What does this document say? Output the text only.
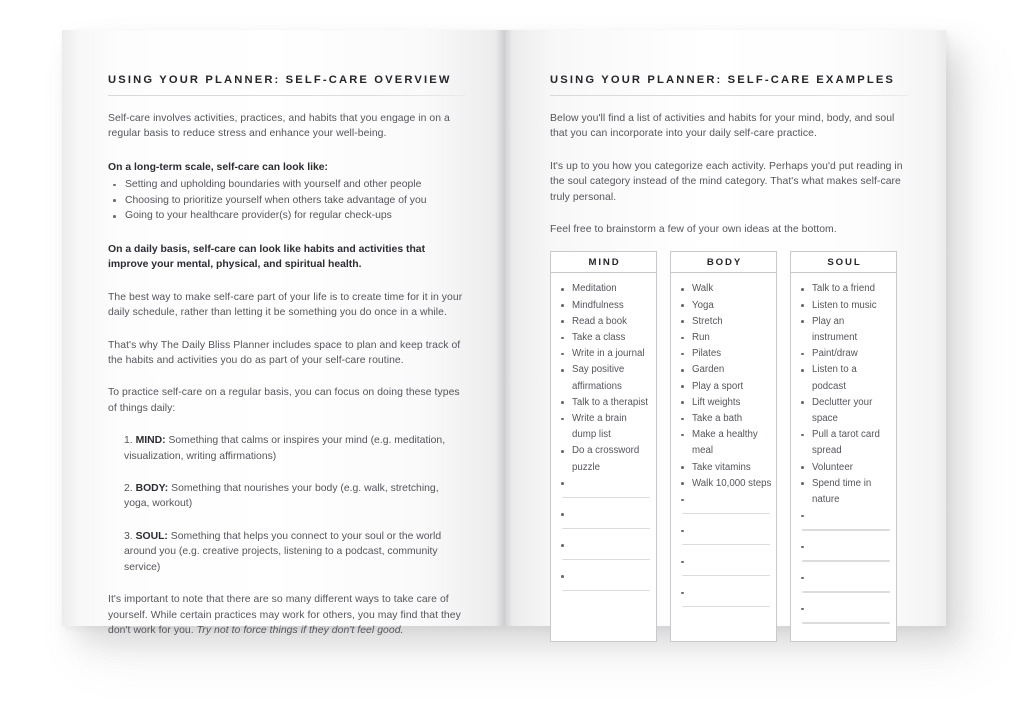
USING YOUR PLANNER: SELF-CARE OVERVIEW

Self-care involves activities, practices, and habits that you engage in on a regular basis to reduce stress and enhance your well-being.

On a long-term scale, self-care can look like:
Setting and upholding boundaries with yourself and other people
Choosing to prioritize yourself when others take advantage of you
Going to your healthcare provider(s) for regular check-ups
On a daily basis, self-care can look like habits and activities that improve your mental, physical, and spiritual health.

The best way to make self-care part of your life is to create time for it in your daily schedule, rather than letting it be something you do once in a while.

That's why The Daily Bliss Planner includes space to plan and keep track of the habits and activities you do as part of your self-care routine.

To practice self-care on a regular basis, you can focus on doing these types of things daily:

1. MIND: Something that calms or inspires your mind (e.g. meditation, visualization, writing affirmations)
2. BODY: Something that nourishes your body (e.g. walk, stretching, yoga, workout)
3. SOUL: Something that helps you connect to your soul or the world around you (e.g. creative projects, listening to a podcast, community service)

It's important to note that there are so many different ways to take care of yourself. While certain practices may work for others, you may find that they don't work for you. Try not to force things if they don't feel good.

USING YOUR PLANNER: SELF-CARE EXAMPLES

Below you'll find a list of activities and habits for your mind, body, and soul that you can incorporate into your daily self-care practice.

It's up to you how you categorize each activity. Perhaps you'd put reading in the soul category instead of the mind category. That's what makes self-care truly personal.

Feel free to brainstorm a few of your own ideas at the bottom.

MIND
Meditation
Mindfulness
Read a book
Take a class
Write in a journal
Say positive affirmations
Talk to a therapist
Write a brain dump list
Do a crossword puzzle
BODY
Walk
Yoga
Stretch
Run
Pilates
Garden
Play a sport
Lift weights
Take a bath
Make a healthy meal
Take vitamins
Walk 10,000 steps
SOUL
Talk to a friend
Listen to music
Play an instrument
Paint/draw
Listen to a podcast
Declutter your space
Pull a tarot card spread
Volunteer
Spend time in nature
